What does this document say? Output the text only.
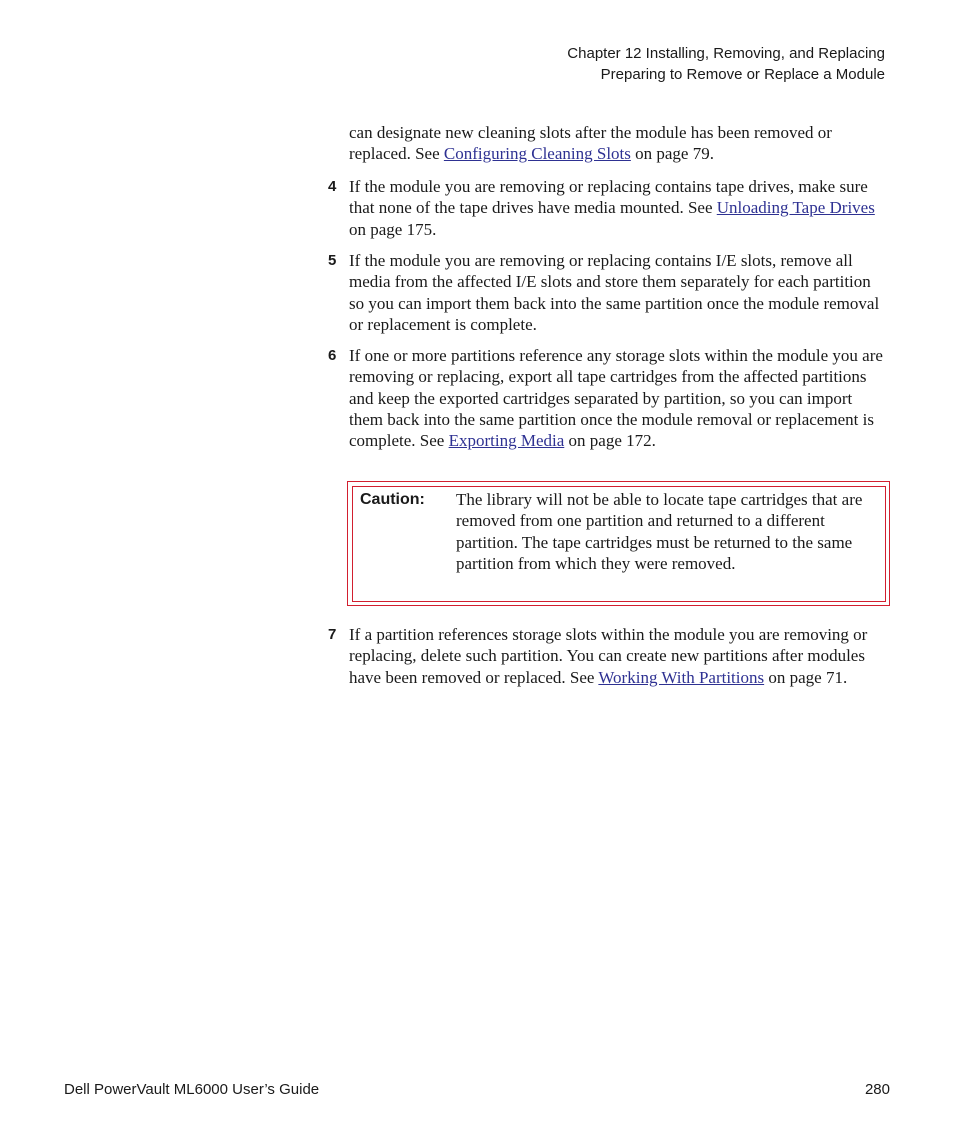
Chapter 12 Installing, Removing, and Replacing
Preparing to Remove or Replace a Module
can designate new cleaning slots after the module has been removed or replaced. See Configuring Cleaning Slots on page 79.
4 If the module you are removing or replacing contains tape drives, make sure that none of the tape drives have media mounted. See Unloading Tape Drives on page 175.
5 If the module you are removing or replacing contains I/E slots, remove all media from the affected I/E slots and store them separately for each partition so you can import them back into the same partition once the module removal or replacement is complete.
6 If one or more partitions reference any storage slots within the module you are removing or replacing, export all tape cartridges from the affected partitions and keep the exported cartridges separated by partition, so you can import them back into the same partition once the module removal or replacement is complete. See Exporting Media on page 172.
Caution: The library will not be able to locate tape cartridges that are removed from one partition and returned to a different partition. The tape cartridges must be returned to the same partition from which they were removed.
7 If a partition references storage slots within the module you are removing or replacing, delete such partition. You can create new partitions after modules have been removed or replaced. See Working With Partitions on page 71.
Dell PowerVault ML6000 User’s Guide	280
